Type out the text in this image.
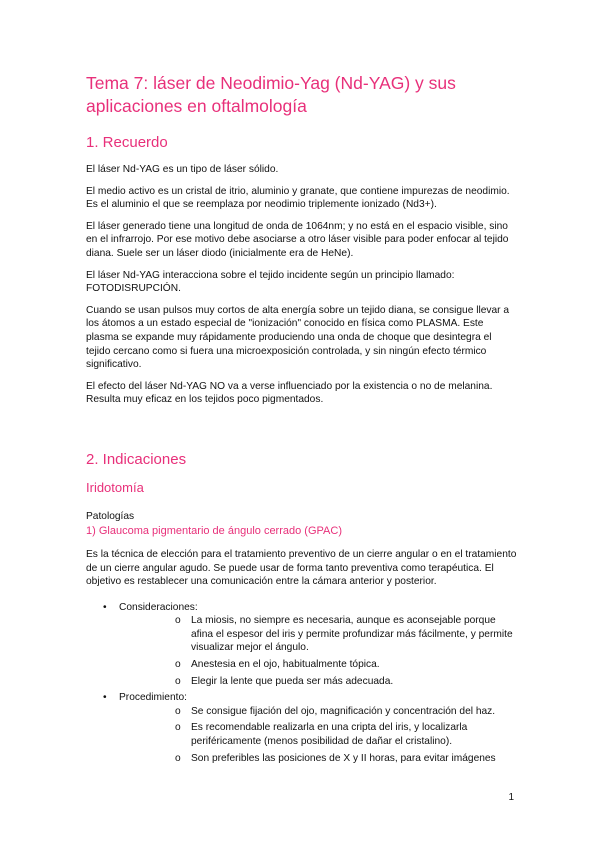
Tema 7: láser de Neodimio-Yag (Nd-YAG) y sus aplicaciones en oftalmología
1. Recuerdo

El láser Nd-YAG es un tipo de láser sólido.

El medio activo es un cristal de itrio, aluminio y granate, que contiene impurezas de neodimio. Es el aluminio el que se reemplaza por neodimio triplemente ionizado (Nd3+).

El láser generado tiene una longitud de onda de 1064nm; y no está en el espacio visible, sino en el infrarrojo. Por ese motivo debe asociarse a otro láser visible para poder enfocar al tejido diana. Suele ser un láser diodo (inicialmente era de HeNe).

El láser Nd-YAG interacciona sobre el tejido incidente según un principio llamado: FOTODISRUPCIÓN.

Cuando se usan pulsos muy cortos de alta energía sobre un tejido diana, se consigue llevar a los átomos a un estado especial de "ionización" conocido en física como PLASMA. Este plasma se expande muy rápidamente produciendo una onda de choque que desintegra el tejido cercano como si fuera una microexposición controlada, y sin ningún efecto térmico significativo.

El efecto del láser Nd-YAG NO va a verse influenciado por la existencia o no de melanina. Resulta muy eficaz en los tejidos poco pigmentados.

2. Indicaciones
Iridotomía
Patologías
1) Glaucoma pigmentario de ángulo cerrado (GPAC)

Es la técnica de elección para el tratamiento preventivo de un cierre angular o en el tratamiento de un cierre angular agudo. Se puede usar de forma tanto preventiva como terapéutica. El objetivo es restablecer una comunicación entre la cámara anterior y posterior.

• Consideraciones:
o La miosis, no siempre es necesaria, aunque es aconsejable porque afina el espesor del iris y permite profundizar más fácilmente, y permite visualizar mejor el ángulo.
o Anestesia en el ojo, habitualmente tópica.
o Elegir la lente que pueda ser más adecuada.
• Procedimiento:
o Se consigue fijación del ojo, magnificación y concentración del haz.
o Es recomendable realizarla en una cripta del iris, y localizarla periféricamente (menos posibilidad de dañar el cristalino).
o Son preferibles las posiciones de X y II horas, para evitar imágenes
1
